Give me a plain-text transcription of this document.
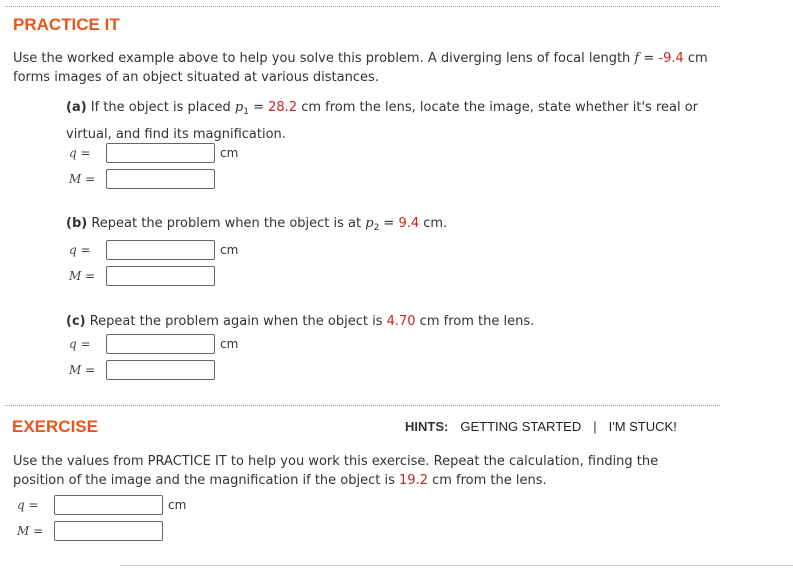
PRACTICE IT
Use the worked example above to help you solve this problem. A diverging lens of focal length f = -9.4 cm
forms images of an object situated at various distances.
(a) If the object is placed $p_1 = 28.2$ cm from the lens, locate the image, state whether it's real or
virtual, and find its magnification.
q =	cm
M =
(b) Repeat the problem when the object is at $p_2 = 9.4$ cm.
q =	cm
M =
(c) Repeat the problem again when the object is 4.70 cm from the lens.
q =	cm
M =
EXERCISE	HINTS: GETTING STARTED | I'M STUCK!
Use the values from PRACTICE IT to help you work this exercise. Repeat the calculation, finding the
position of the image and the magnification if the object is 19.2 cm from the lens.
q =	cm
M =
